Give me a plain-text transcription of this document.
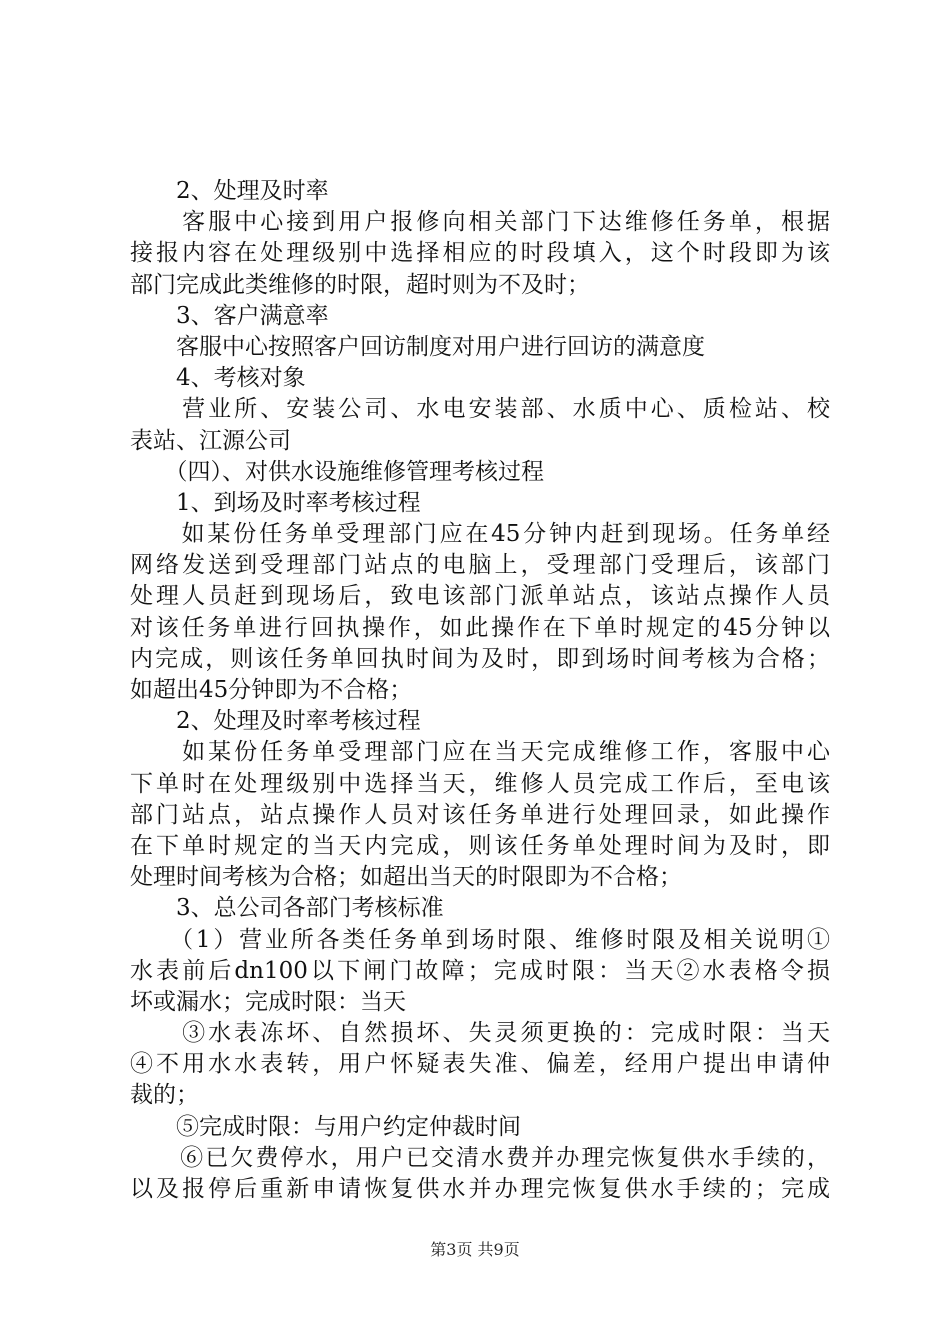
　　2、处理及时率
　　客服中心接到用户报修向相关部门下达维修任务单，根据
接报内容在处理级别中选择相应的时段填入，这个时段即为该
部门完成此类维修的时限，超时则为不及时；
　　3、客户满意率
　　客服中心按照客户回访制度对用户进行回访的满意度
　　4、考核对象
　　营业所、安装公司、水电安装部、水质中心、质检站、校
表站、江源公司
　　（四）、对供水设施维修管理考核过程
　　1、到场及时率考核过程
　　如某份任务单受理部门应在45分钟内赶到现场。任务单经
网络发送到受理部门站点的电脑上，受理部门受理后，该部门
处理人员赶到现场后，致电该部门派单站点，该站点操作人员
对该任务单进行回执操作，如此操作在下单时规定的45分钟以
内完成，则该任务单回执时间为及时，即到场时间考核为合格；
如超出45分钟即为不合格；
　　2、处理及时率考核过程
　　如某份任务单受理部门应在当天完成维修工作，客服中心
下单时在处理级别中选择当天，维修人员完成工作后，至电该
部门站点，站点操作人员对该任务单进行处理回录，如此操作
在下单时规定的当天内完成，则该任务单处理时间为及时，即
处理时间考核为合格；如超出当天的时限即为不合格；
　　3、总公司各部门考核标准
　　（1）营业所各类任务单到场时限、维修时限及相关说明①
水表前后dn100以下闸门故障；完成时限：当天②水表格令损
坏或漏水；完成时限：当天
　　③水表冻坏、自然损坏、失灵须更换的：完成时限：当天
④不用水水表转，用户怀疑表失准、偏差，经用户提出申请仲
裁的；
　　⑤完成时限：与用户约定仲裁时间
　　⑥已欠费停水，用户已交清水费并办理完恢复供水手续的，
以及报停后重新申请恢复供水并办理完恢复供水手续的；完成
第3页 共9页
